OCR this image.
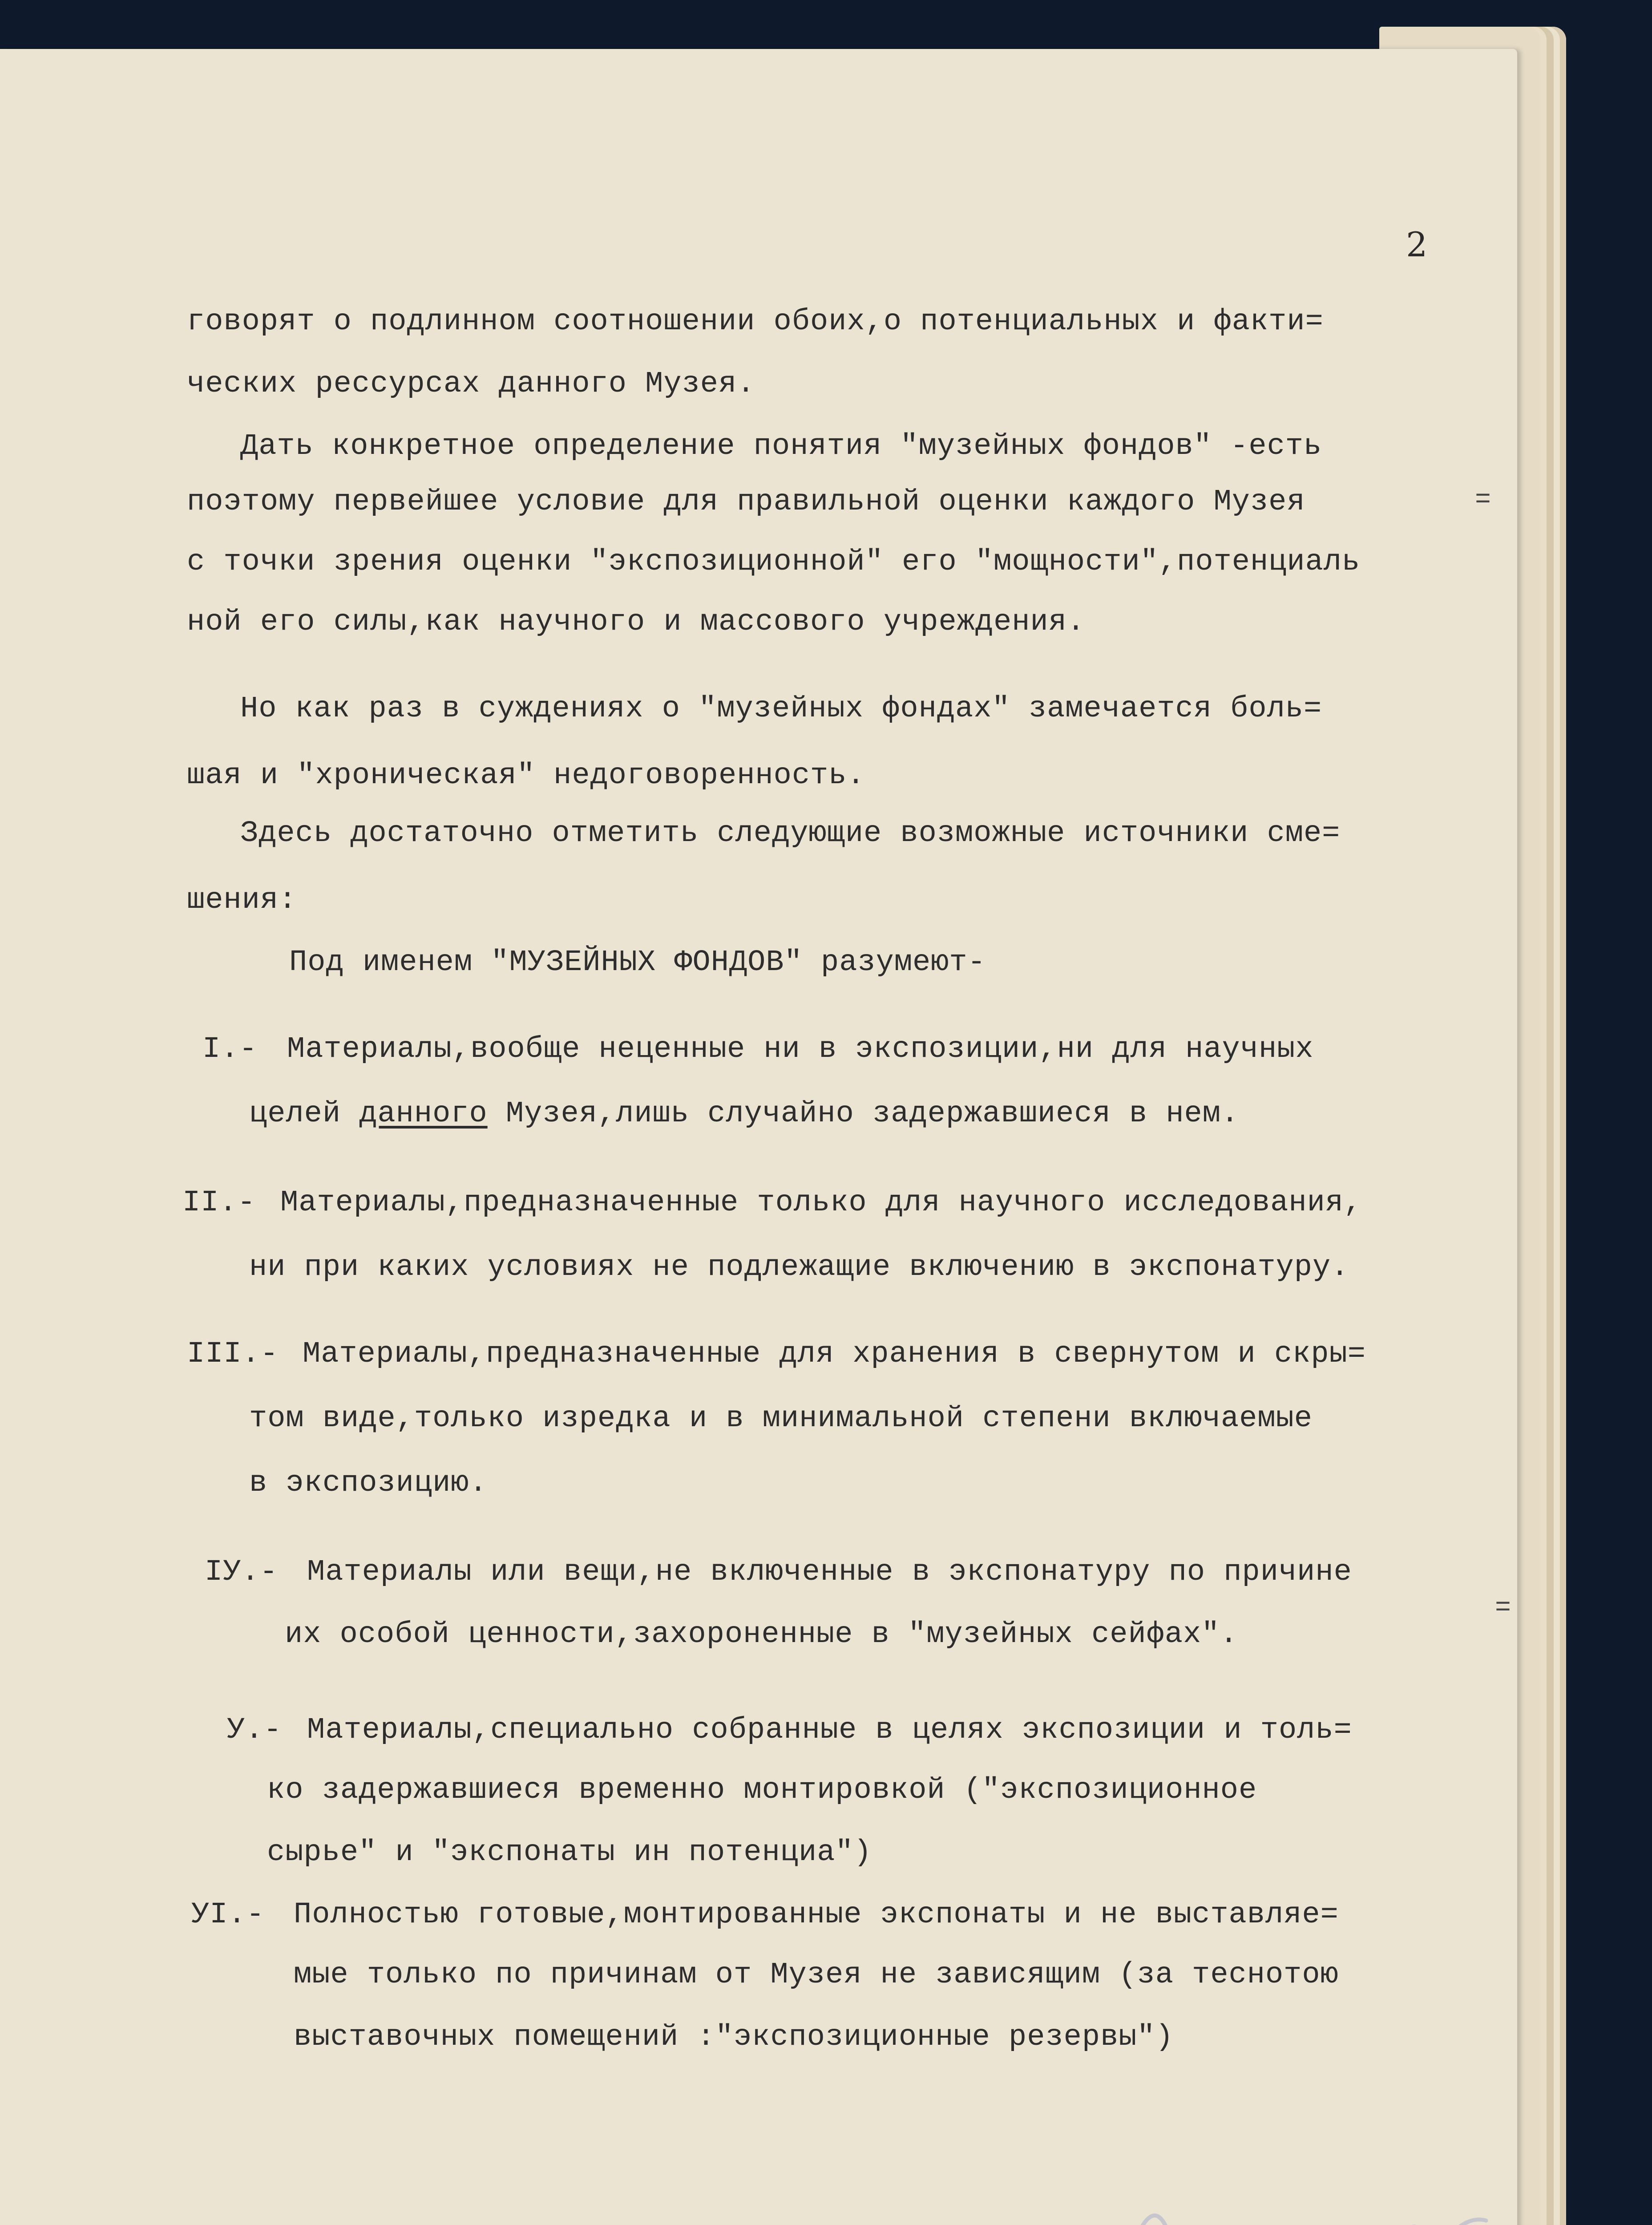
2
говорят о подлинном соотношении обоих,о потенциальных и факти=
ческих рессурсах данного Музея.
Дать конкретное определение понятия "музейных фондов" -есть
поэтому первейшее условие для правильной оценки каждого Музея
с точки зрения оценки "экспозиционной" его "мощности",потенциаль
ной его силы,как научного и массового учреждения.
Но как раз в суждениях о "музейных фондах" замечается боль=
шая и "хроническая" недоговоренность.
Здесь достаточно отметить следующие возможные источники сме=
шения:
Под именем "МУЗЕЙНЫХ ФОНДОВ" разумеют-
I.- Материалы,вообще неценные ни в экспозиции,ни для научных
целей данного Музея,лишь случайно задержавшиеся в нем.
II.- Материалы,предназначенные только для научного исследования,
ни при каких условиях не подлежащие включению в экспонатуру.
III.- Материалы,предназначенные для хранения в свернутом и скры=
том виде,только изредка и в минимальной степени включаемые
в экспозицию.
IУ.- Материалы или вещи,не включенные в экспонатуру по причине
их особой ценности,захороненные в "музейных сейфах".
У.- Материалы,специально собранные в целях экспозиции и толь=
ко задержавшиеся временно монтировкой ("экспозиционное
сырье" и "экспонаты ин потенциа")
УI.- Полностью готовые,монтированные экспонаты и не выставляе=
мые только по причинам от Музея не зависящим (за теснотою
выставочных помещений :"экспозиционные резервы")
=
=
